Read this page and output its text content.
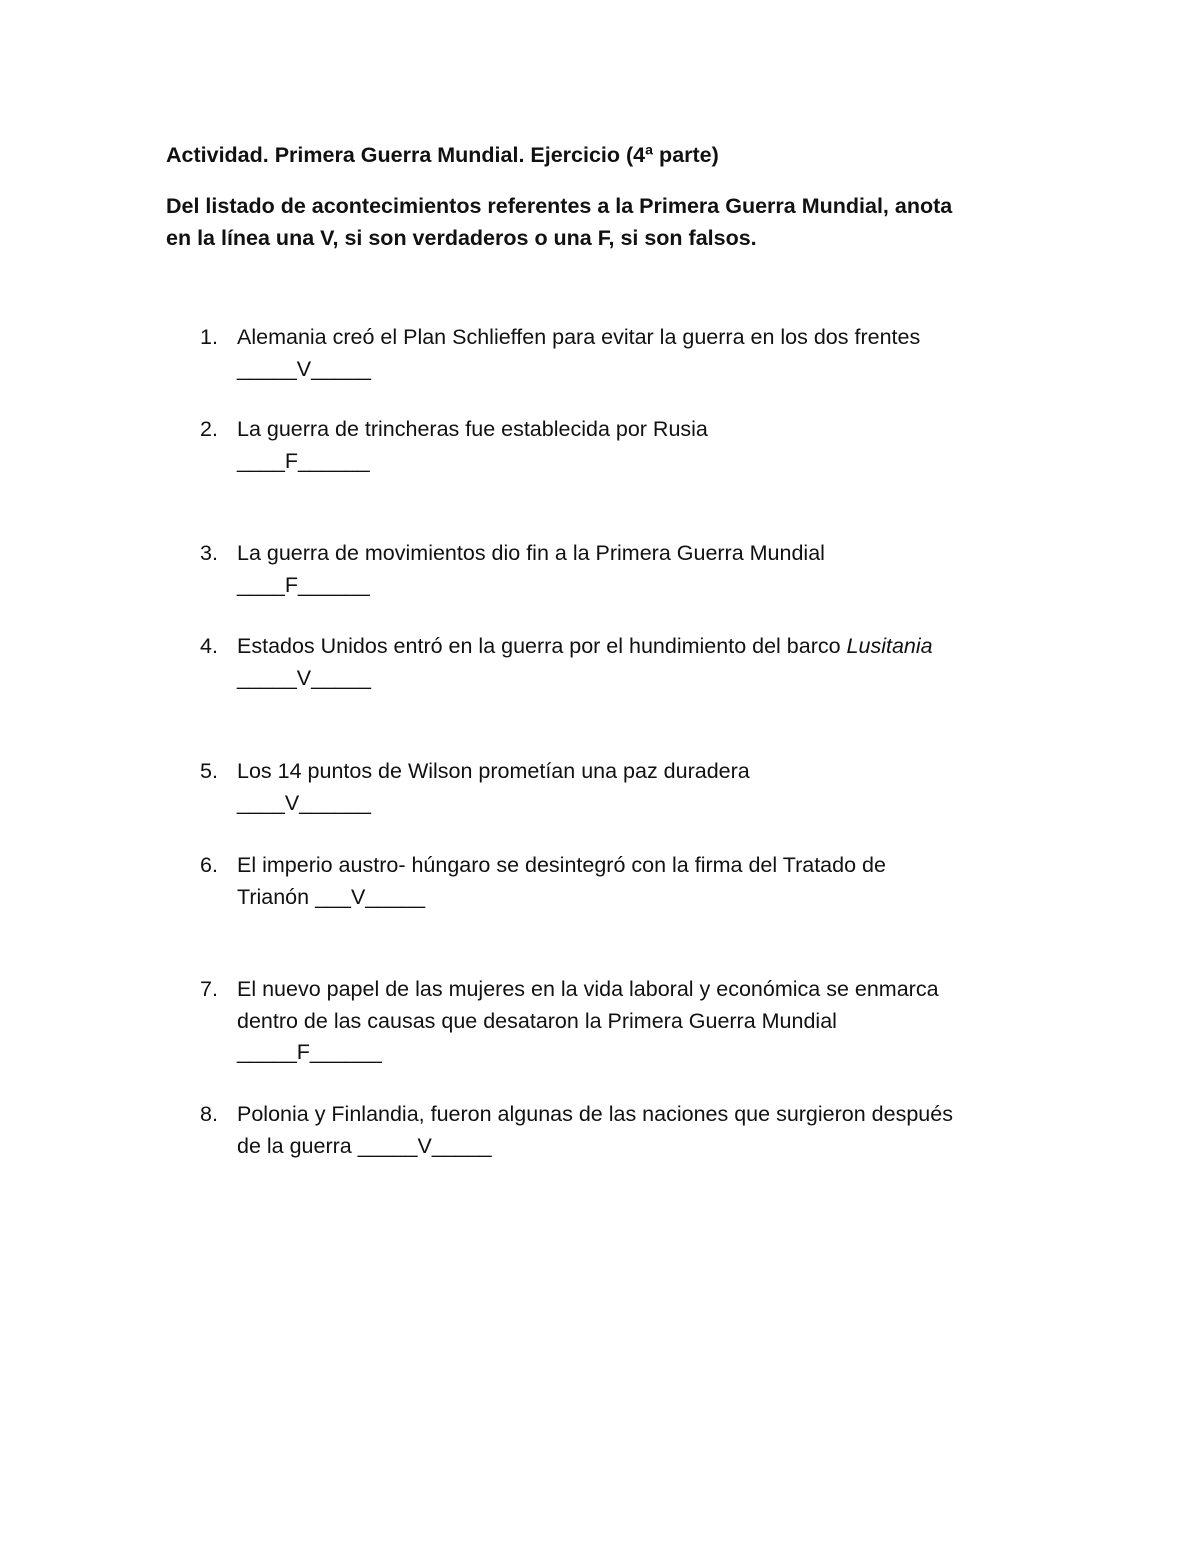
Actividad. Primera Guerra Mundial. Ejercicio (4ª parte)
Del listado de acontecimientos referentes a la Primera Guerra Mundial, anota
en la línea una V, si son verdaderos o una F, si son falsos.
1. Alemania creó el Plan Schlieffen para evitar la guerra en los dos frentes
_____V_____
2. La guerra de trincheras fue establecida por Rusia
____F______
3. La guerra de movimientos dio fin a la Primera Guerra Mundial
____F______
4. Estados Unidos entró en la guerra por el hundimiento del barco Lusitania
_____V_____
5. Los 14 puntos de Wilson prometían una paz duradera
____V______
6. El imperio austro- húngaro se desintegró con la firma del Tratado de
Trianón ___V_____
7. El nuevo papel de las mujeres en la vida laboral y económica se enmarca
dentro de las causas que desataron la Primera Guerra Mundial
_____F______
8. Polonia y Finlandia, fueron algunas de las naciones que surgieron después
de la guerra _____V_____
